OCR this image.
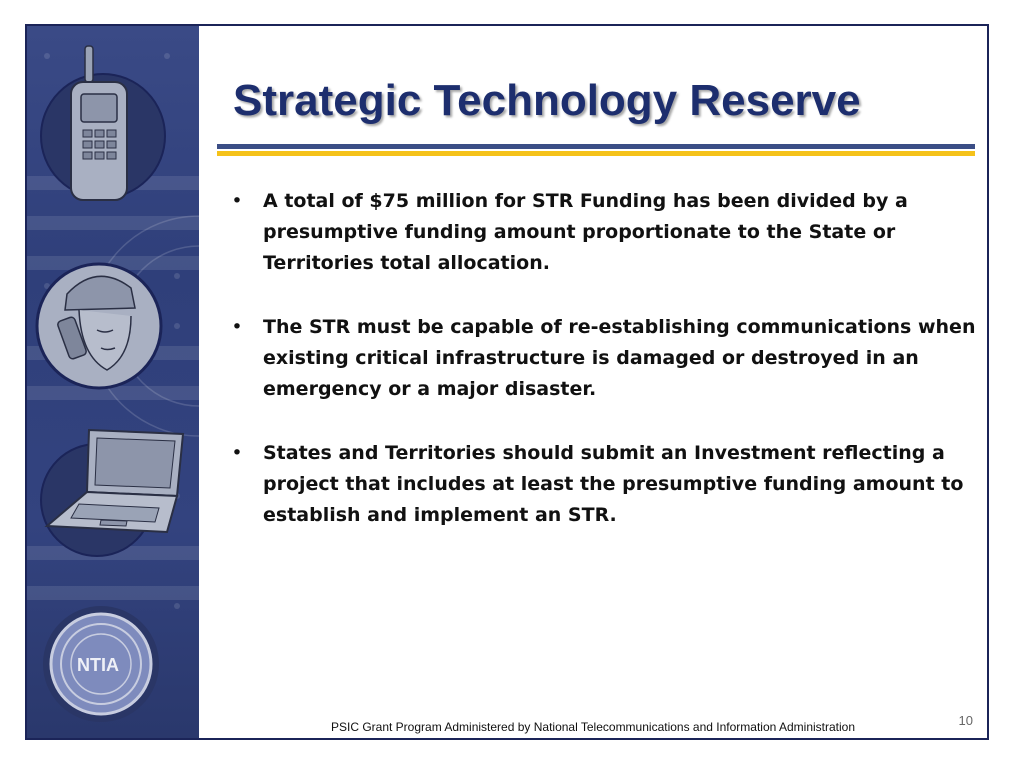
NTIA
Strategic Technology Reserve
• A total of $75 million for STR Funding has been divided by a presumptive funding amount proportionate to the State or Territories total allocation.
• The STR must be capable of re-establishing communications when existing critical infrastructure is damaged or destroyed in an emergency or a major disaster.
• States and Territories should submit an Investment reflecting a project that includes at least the presumptive funding amount to establish and implement an STR.
PSIC Grant Program Administered by National Telecommunications and Information Administration	10
